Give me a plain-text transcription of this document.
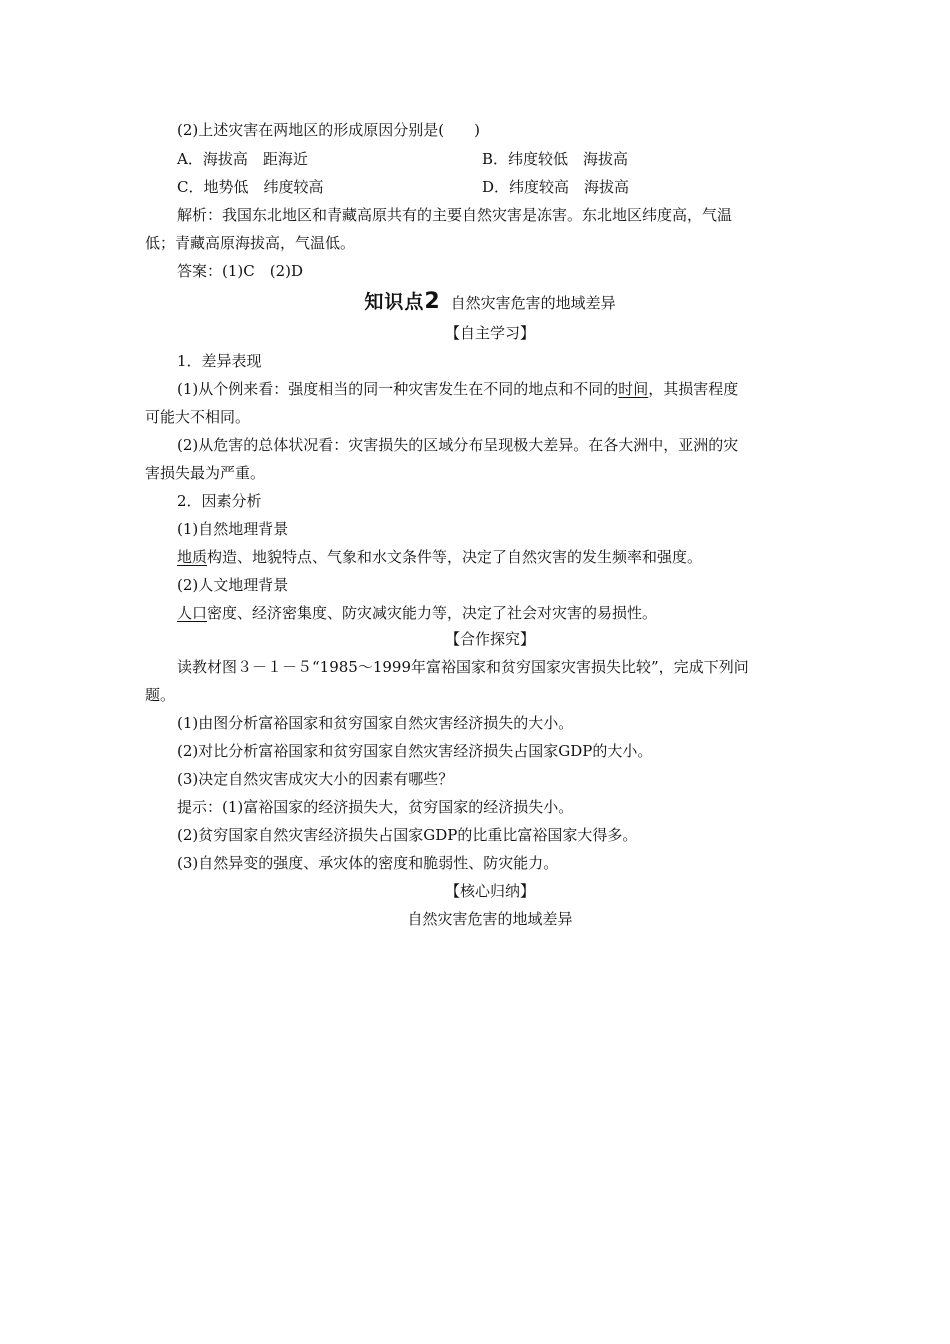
(2)上述灾害在两地区的形成原因分别是(　　)
A．海拔高　距海近	B．纬度较低　海拔高
C．地势低　纬度较高	D．纬度较高　海拔高
解析：我国东北地区和青藏高原共有的主要自然灾害是冻害。东北地区纬度高，气温
低；青藏高原海拔高，气温低。
答案：(1)C　(2)D
知识点2 自然灾害危害的地域差异
【自主学习】
1．差异表现
(1)从个例来看：强度相当的同一种灾害发生在不同的地点和不同的时间，其损害程度
可能大不相同。
(2)从危害的总体状况看：灾害损失的区域分布呈现极大差异。在各大洲中，亚洲的灾
害损失最为严重。
2．因素分析
(1)自然地理背景
地质构造、地貌特点、气象和水文条件等，决定了自然灾害的发生频率和强度。
(2)人文地理背景
人口密度、经济密集度、防灾减灾能力等，决定了社会对灾害的易损性。
【合作探究】
读教材图３－１－５“1985～1999年富裕国家和贫穷国家灾害损失比较”，完成下列问
题。
(1)由图分析富裕国家和贫穷国家自然灾害经济损失的大小。
(2)对比分析富裕国家和贫穷国家自然灾害经济损失占国家GDP的大小。
(3)决定自然灾害成灾大小的因素有哪些？
提示：(1)富裕国家的经济损失大，贫穷国家的经济损失小。
(2)贫穷国家自然灾害经济损失占国家GDP的比重比富裕国家大得多。
(3)自然异变的强度、承灾体的密度和脆弱性、防灾能力。
【核心归纳】
自然灾害危害的地域差异
